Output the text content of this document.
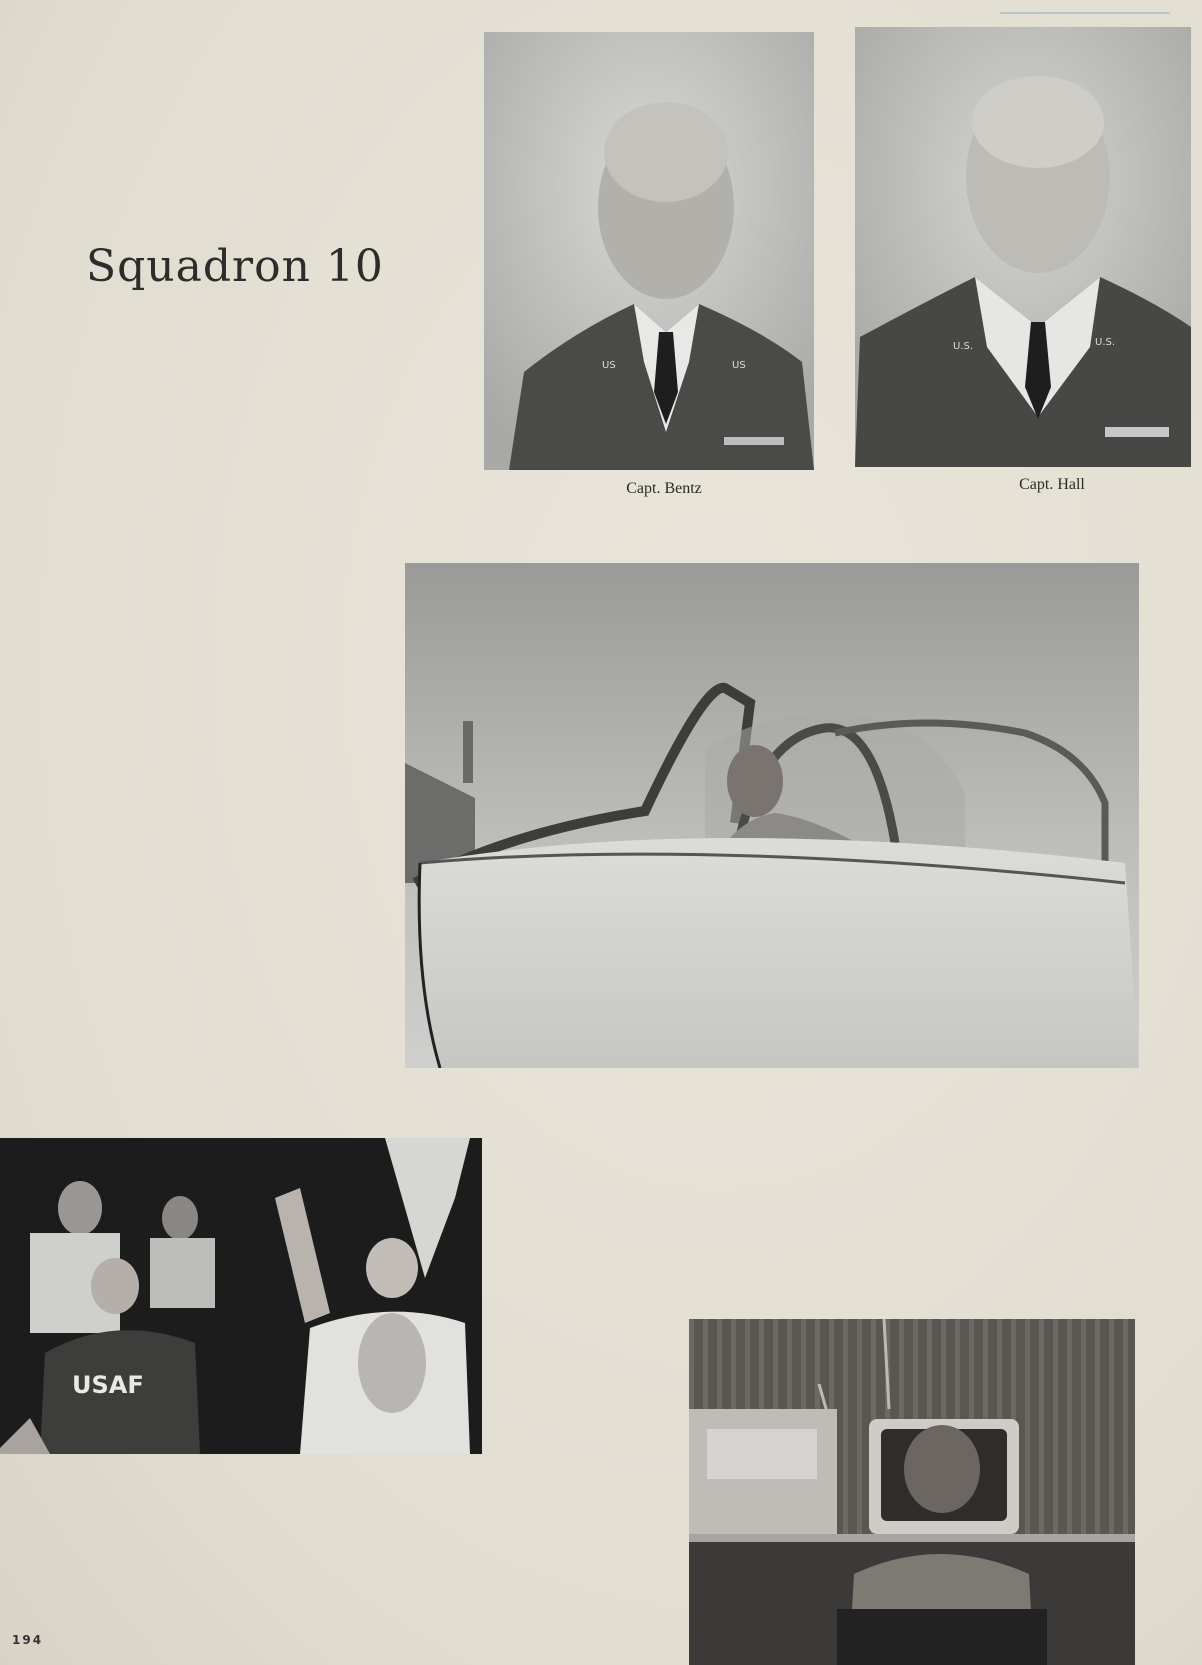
Squadron 10
US	US
Capt. Bentz
U.S.	U.S.
Capt. Hall
USAF
194
